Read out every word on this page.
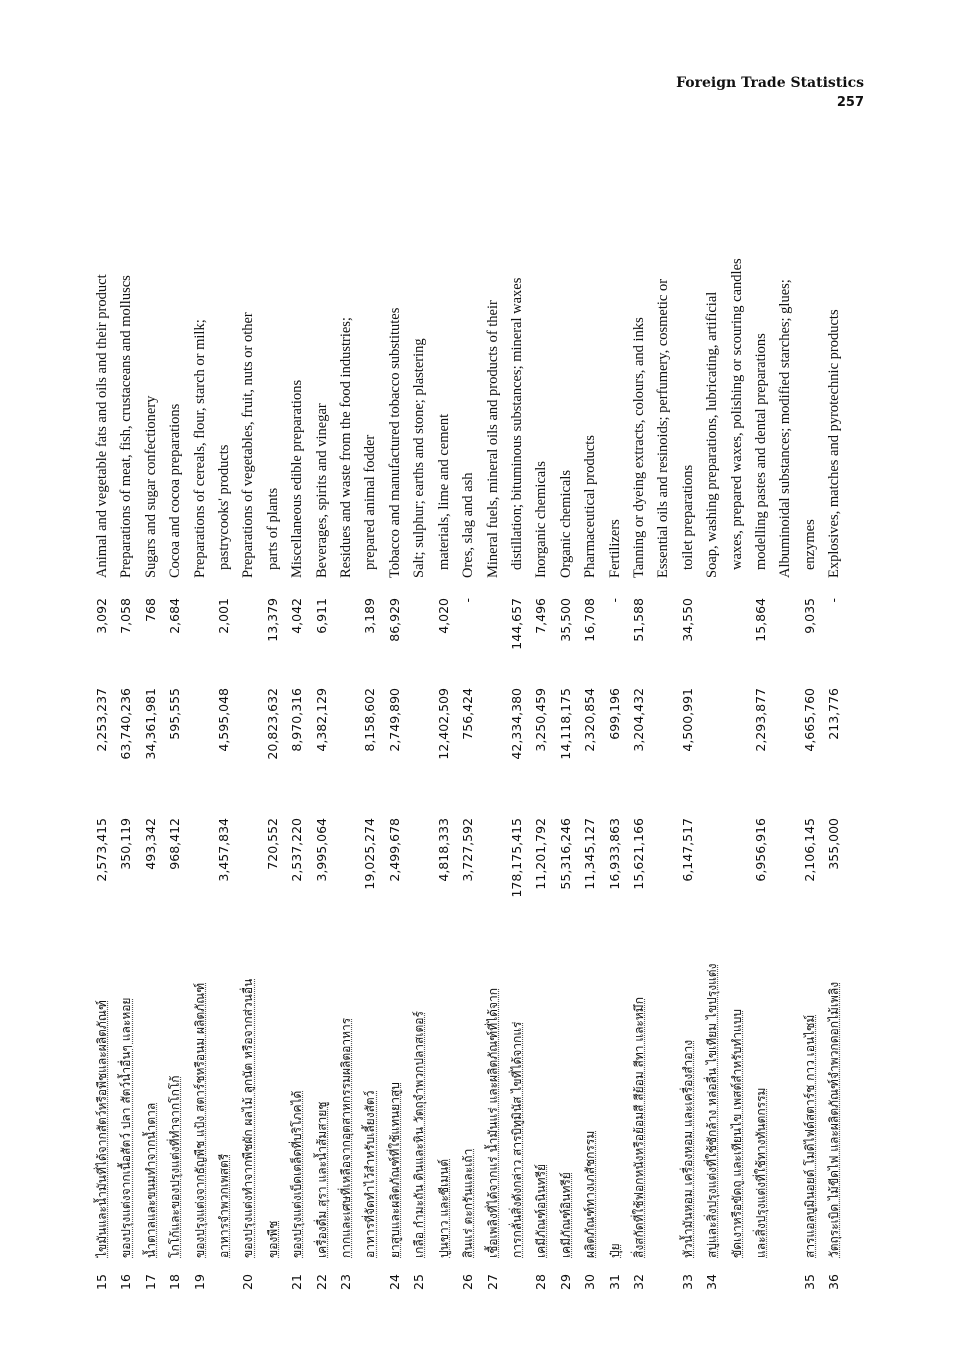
Foreign Trade Statistics
257
15
ไขมันและน้ำมันที่ได้จากสัตว์หรือพืชและผลิตภัณฑ์
2,573,415
2,253,237
3,092
Animal and vegetable fats and oils and their product
16
ของปรุงแต่งจากเนื้อสัตว์ ปลา สัตว์น้ำอื่นๆ และหอย
350,119
63,740,236
7,058
Preparations of meat, fish, crustaceans and molluscs
17
น้ำตาลและขนมทำจากน้ำตาล
493,342
34,361,981
768
Sugars and sugar confectionery
18
โกโก้และของปรุงแต่งที่ทำจากโกโก้
968,412
595,555
2,684
Cocoa and cocoa preparations
19
ของปรุงแต่งจากธัญพืช แป้ง สตาร์ชหรือนม ผลิตภัณฑ์
Preparations of cereals, flour, starch or milk;
อาหารจำพวกเพสตรี
3,457,834
4,595,048
2,001
pastrycooks' products
20
ของปรุงแต่งทำจากพืชผัก ผลไม้ ลูกนัต หรือจากส่วนอื่น
Preparations of vegetables, fruit, nuts or other
ของพืช
720,552
20,823,632
13,379
parts of plants
21
ของปรุงแต่งเบ็ดเตล็ดที่บริโภคได้
2,537,220
8,970,316
4,042
Miscellaneous edible preparations
22
เครื่องดื่ม สุรา และน้ำส้มสายชู
3,995,064
4,382,129
6,911
Beverages, spirits and vinegar
23
กากและเศษที่เหลือจากอุตสาหกรรมผลิตอาหาร
Residues and waste from the food industries;
อาหารที่จัดทำไว้สำหรับเลี้ยงสัตว์
19,025,274
8,158,602
3,189
prepared animal fodder
24
ยาสูบและผลิตภัณฑ์ที่ใช้แทนยาสูบ
2,499,678
2,749,890
86,929
Tobacco and manufactured tobacco substitutes
25
เกลือ กำมะถัน ดินและหิน วัตถุจำพวกปลาสเตอร์
Salt; sulphur; earths and stone; plastering
ปูนขาว และซีเมนต์
4,818,333
12,402,509
4,020
materials, lime and cement
26
สินแร่ ตะกรันและเถ้า
3,727,592
756,424
-
Ores, slag and ash
27
เชื้อเพลิงที่ได้จากแร่ น้ำมันแร่ และผลิตภัณฑ์ที่ได้จาก
Mineral fuels, mineral oils and products of their
การกลั่นสิ่งดังกล่าว สารบิทูมินัส ไขที่ได้จากแร่
178,175,415
42,334,380
144,657
distillation; bituminous substances; mineral waxes
28
เคมีภัณฑ์อนินทรีย์
11,201,792
3,250,459
7,496
Inorganic chemicals
29
เคมีภัณฑ์อินทรีย์
55,316,246
14,118,175
35,500
Organic chemicals
30
ผลิตภัณฑ์ทางเภสัชกรรม
11,345,127
2,320,854
16,708
Pharmaceutical products
31
ปุ๋ย
16,933,863
699,196
-
Fertilizers
32
สิ่งสกัดที่ใช้ฟอกหนังหรือย้อมสี สีย้อม สีทา และหมึก
15,621,166
3,204,432
51,588
Tanning or dyeing extracts, colours, and inks Essential oils and resinoids; perfumery, cosmetic or
33
หัวน้ำมันหอม เครื่องหอม และเครื่องสำอาง
6,147,517
4,500,991
34,550
toilet preparations
34
สบู่และสิ่งปรุงแต่งที่ใช้ซักล้าง หล่อลื่น ไขเทียม ไขปรุงแต่ง
Soap, washing preparations, lubricating, artificial
ขัดเงาหรือขัดถู และเทียนไข เพสต์สำหรับทำแบบ
waxes, prepared waxes, polishing or scouring candles
และสิ่งปรุงแต่งที่ใช้ทางทันตกรรม
6,956,916
2,293,877
15,864
modelling pastes and dental preparations Albuminoidal substances; modified starches; glues;
35
สารแอลบูมินอยด์ โมดิไฟด์สตาร์ช กาว เอนไซม์
2,106,145
4,665,760
9,035
enzymes
36
วัตถุระเบิด ไม้ขีดไฟ และผลิตภัณฑ์จำพวกดอกไม้เพลิง
355,000
213,776
-
Explosives, matches and pyrotechnic products
